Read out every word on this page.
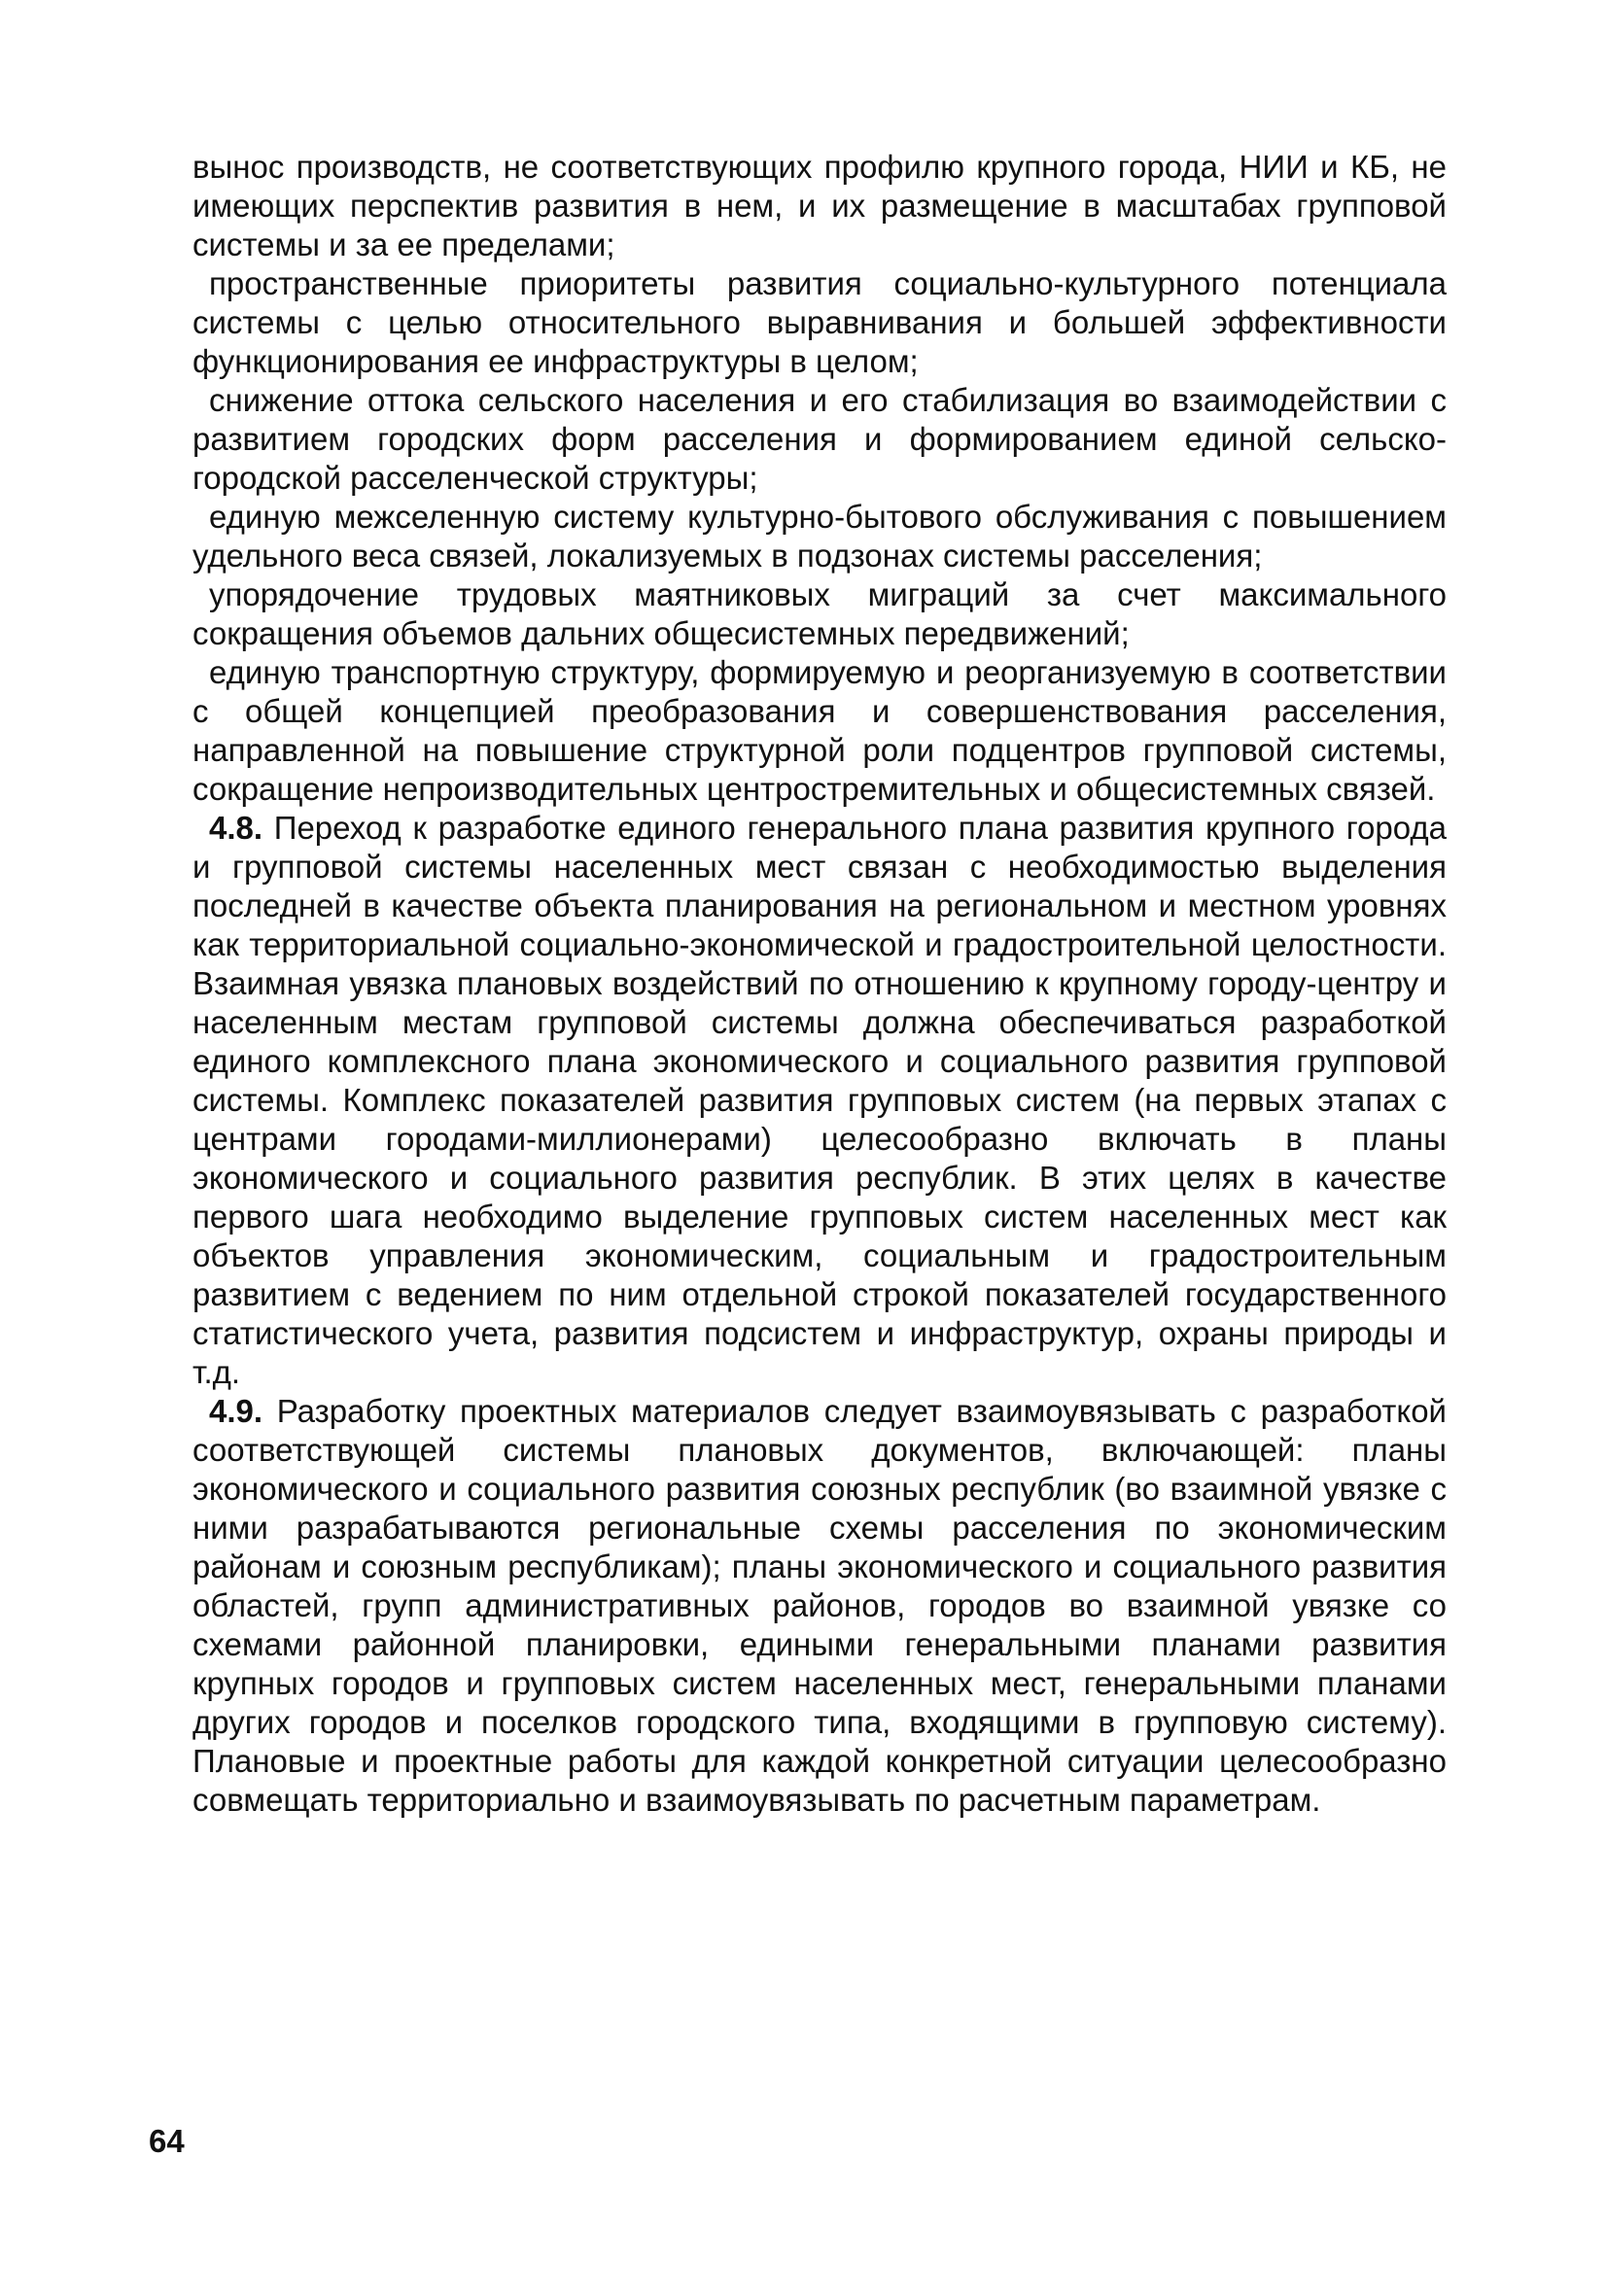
вынос производств, не соответствующих профилю крупного города, НИИ и КБ, не имеющих перспектив развития в нем, и их размещение в масштабах групповой системы и за ее пределами;

пространственные приоритеты развития социально-культурного потенциала системы с целью относительного выравнивания и большей эффективности функционирования ее инфраструктуры в целом;

снижение оттока сельского населения и его стабилизация во взаимодействии с развитием городских форм расселения и формированием единой сельско-городской расселенческой структуры;

единую межселенную систему культурно-бытового обслуживания с повышением удельного веса связей, локализуемых в подзонах системы расселения;

упорядочение трудовых маятниковых миграций за счет максимального сокращения объемов дальних общесистемных передвижений;

единую транспортную структуру, формируемую и реорганизуемую в соответствии с общей концепцией преобразования и совершенствования расселения, направленной на повышение структурной роли подцентров групповой системы, сокращение непроизводительных центростремительных и общесистемных связей.

4.8. Переход к разработке единого генерального плана развития крупного города и групповой системы населенных мест связан с необходимостью выделения последней в качестве объекта планирования на региональном и местном уровнях как территориальной социально-экономической и градостроительной целостности. Взаимная увязка плановых воздействий по отношению к крупному городу-центру и населенным местам групповой системы должна обеспечиваться разработкой единого комплексного плана экономического и социального развития групповой системы. Комплекс показателей развития групповых систем (на первых этапах с центрами городами-миллионерами) целесообразно включать в планы экономического и социального развития республик. В этих целях в качестве первого шага необходимо выделение групповых систем населенных мест как объектов управления экономическим, социальным и градостроительным развитием с ведением по ним отдельной строкой показателей государственного статистического учета, развития подсистем и инфраструктур, охраны природы и т.д.

4.9. Разработку проектных материалов следует взаимоувязывать с разработкой соответствующей системы плановых документов, включающей: планы экономического и социального развития союзных республик (во взаимной увязке с ними разрабатываются региональные схемы расселения по экономическим районам и союзным республикам); планы экономического и социального развития областей, групп административных районов, городов во взаимной увязке со схемами районной планировки, едиными генеральными планами развития крупных городов и групповых систем населенных мест, генеральными планами других городов и поселков городского типа, входящими в групповую систему). Плановые и проектные работы для каждой конкретной ситуации целесообразно совмещать территориально и взаимоувязывать по расчетным параметрам.

64
